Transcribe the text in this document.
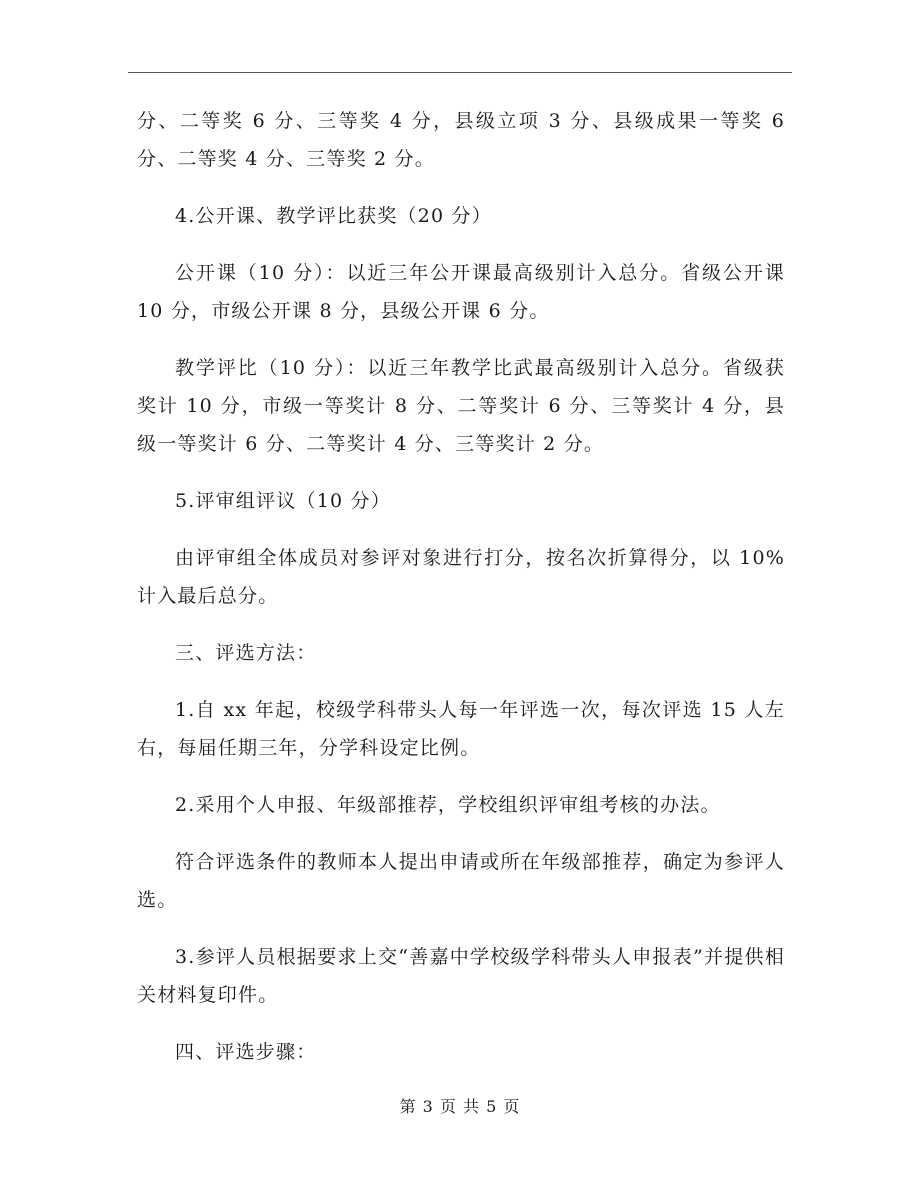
分、二等奖 6 分、三等奖 4 分，县级立项 3 分、县级成果一等奖 6 分、二等奖 4 分、三等奖 2 分。

4.公开课、教学评比获奖（20 分）

公开课（10 分）：以近三年公开课最高级别计入总分。省级公开课 10 分，市级公开课 8 分，县级公开课 6 分。

教学评比（10 分）：以近三年教学比武最高级别计入总分。省级获奖计 10 分，市级一等奖计 8 分、二等奖计 6 分、三等奖计 4 分，县级一等奖计 6 分、二等奖计 4 分、三等奖计 2 分。

5.评审组评议（10 分）

由评审组全体成员对参评对象进行打分，按名次折算得分，以 10%计入最后总分。

三、评选方法：

1.自 xx 年起，校级学科带头人每一年评选一次，每次评选 15 人左右，每届任期三年，分学科设定比例。

2.采用个人申报、年级部推荐，学校组织评审组考核的办法。

符合评选条件的教师本人提出申请或所在年级部推荐，确定为参评人选。

3.参评人员根据要求上交“善嘉中学校级学科带头人申报表”并提供相关材料复印件。

四、评选步骤：

第 3 页 共 5 页
